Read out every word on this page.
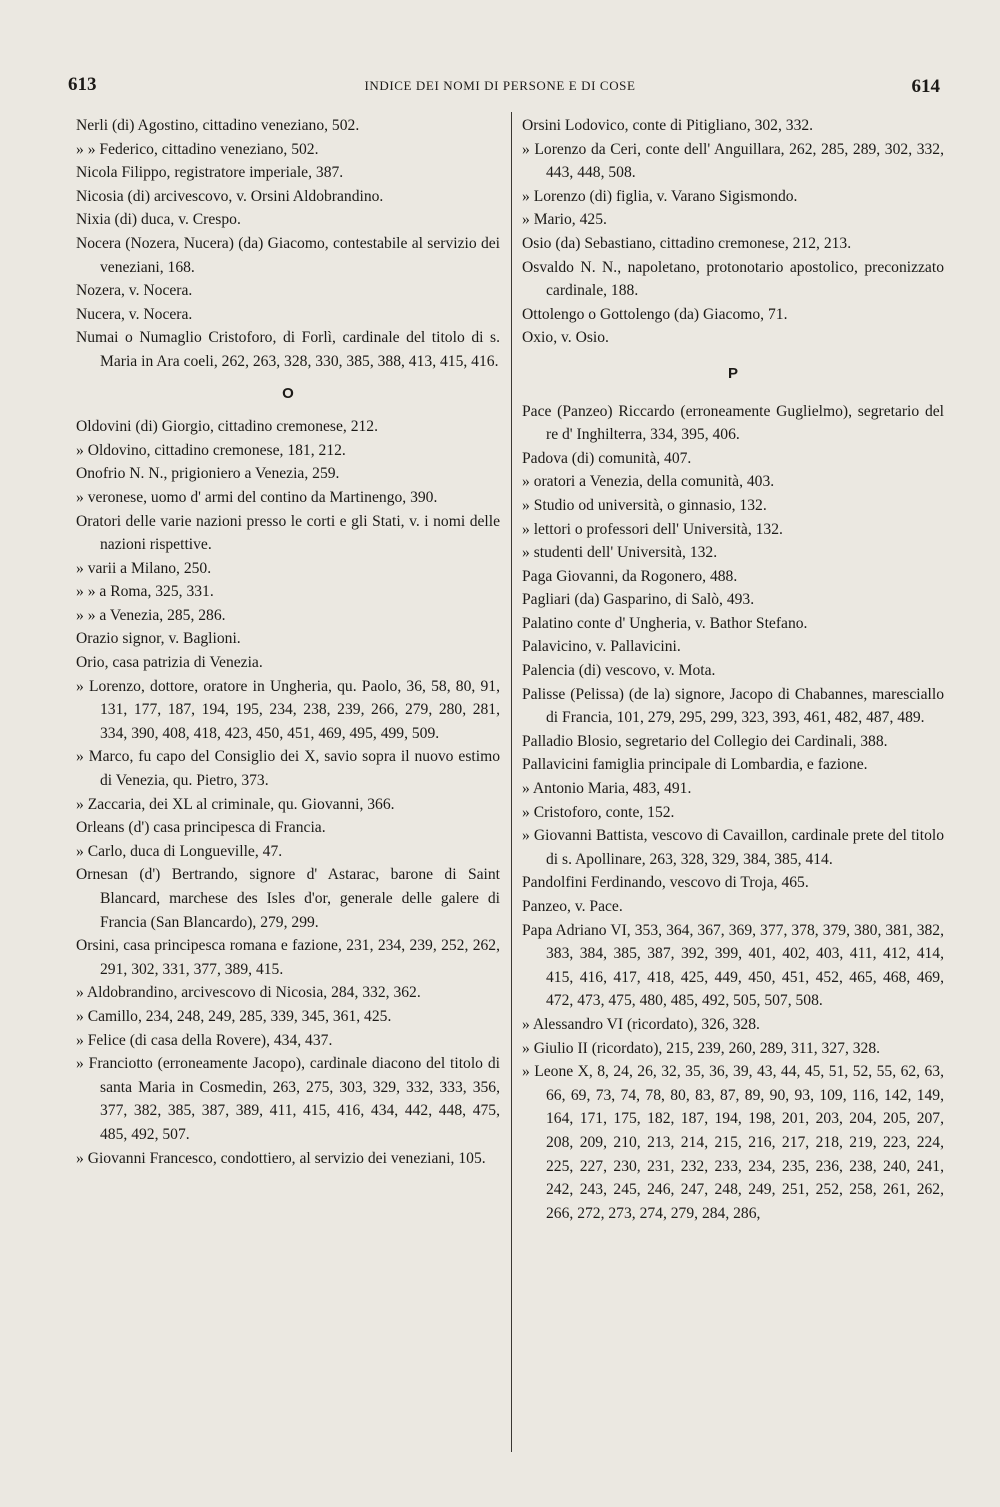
613	INDICE DEI NOMI DI PERSONE E DI COSE	614

Nerli (di) Agostino, cittadino veneziano, 502.

» » Federico, cittadino veneziano, 502.

Nicola Filippo, registratore imperiale, 387.

Nicosia (di) arcivescovo, v. Orsini Aldobrandino.

Nixia (di) duca, v. Crespo.

Nocera (Nozera, Nucera) (da) Giacomo, contestabile al servizio dei veneziani, 168.

Nozera, v. Nocera.

Nucera, v. Nocera.

Numai o Numaglio Cristoforo, di Forlì, cardinale del titolo di s. Maria in Ara coeli, 262, 263, 328, 330, 385, 388, 413, 415, 416.

O

Oldovini (di) Giorgio, cittadino cremonese, 212.

» Oldovino, cittadino cremonese, 181, 212.

Onofrio N. N., prigioniero a Venezia, 259.

» veronese, uomo d' armi del contino da Martinengo, 390.

Oratori delle varie nazioni presso le corti e gli Stati, v. i nomi delle nazioni rispettive.

» varii a Milano, 250.

» » a Roma, 325, 331.

» » a Venezia, 285, 286.

Orazio signor, v. Baglioni.

Orio, casa patrizia di Venezia.

» Lorenzo, dottore, oratore in Ungheria, qu. Paolo, 36, 58, 80, 91, 131, 177, 187, 194, 195, 234, 238, 239, 266, 279, 280, 281, 334, 390, 408, 418, 423, 450, 451, 469, 495, 499, 509.

» Marco, fu capo del Consiglio dei X, savio sopra il nuovo estimo di Venezia, qu. Pietro, 373.

» Zaccaria, dei XL al criminale, qu. Giovanni, 366.

Orleans (d') casa principesca di Francia.

» Carlo, duca di Longueville, 47.

Ornesan (d') Bertrando, signore d' Astarac, barone di Saint Blancard, marchese des Isles d'or, generale delle galere di Francia (San Blancardo), 279, 299.

Orsini, casa principesca romana e fazione, 231, 234, 239, 252, 262, 291, 302, 331, 377, 389, 415.

» Aldobrandino, arcivescovo di Nicosia, 284, 332, 362.

» Camillo, 234, 248, 249, 285, 339, 345, 361, 425.

» Felice (di casa della Rovere), 434, 437.

» Franciotto (erroneamente Jacopo), cardinale diacono del titolo di santa Maria in Cosmedin, 263, 275, 303, 329, 332, 333, 356, 377, 382, 385, 387, 389, 411, 415, 416, 434, 442, 448, 475, 485, 492, 507.

» Giovanni Francesco, condottiero, al servizio dei veneziani, 105.

Orsini Lodovico, conte di Pitigliano, 302, 332.

» Lorenzo da Ceri, conte dell' Anguillara, 262, 285, 289, 302, 332, 443, 448, 508.

» Lorenzo (di) figlia, v. Varano Sigismondo.

» Mario, 425.

Osio (da) Sebastiano, cittadino cremonese, 212, 213.

Osvaldo N. N., napoletano, protonotario apostolico, preconizzato cardinale, 188.

Ottolengo o Gottolengo (da) Giacomo, 71.

Oxio, v. Osio.

P

Pace (Panzeo) Riccardo (erroneamente Guglielmo), segretario del re d' Inghilterra, 334, 395, 406.

Padova (di) comunità, 407.

» oratori a Venezia, della comunità, 403.

» Studio od università, o ginnasio, 132.

» lettori o professori dell' Università, 132.

» studenti dell' Università, 132.

Paga Giovanni, da Rogonero, 488.

Pagliari (da) Gasparino, di Salò, 493.

Palatino conte d' Ungheria, v. Bathor Stefano.

Palavicino, v. Pallavicini.

Palencia (di) vescovo, v. Mota.

Palisse (Pelissa) (de la) signore, Jacopo di Chabannes, maresciallo di Francia, 101, 279, 295, 299, 323, 393, 461, 482, 487, 489.

Palladio Blosio, segretario del Collegio dei Cardinali, 388.

Pallavicini famiglia principale di Lombardia, e fazione.

» Antonio Maria, 483, 491.

» Cristoforo, conte, 152.

» Giovanni Battista, vescovo di Cavaillon, cardinale prete del titolo di s. Apollinare, 263, 328, 329, 384, 385, 414.

Pandolfini Ferdinando, vescovo di Troja, 465.

Panzeo, v. Pace.

Papa Adriano VI, 353, 364, 367, 369, 377, 378, 379, 380, 381, 382, 383, 384, 385, 387, 392, 399, 401, 402, 403, 411, 412, 414, 415, 416, 417, 418, 425, 449, 450, 451, 452, 465, 468, 469, 472, 473, 475, 480, 485, 492, 505, 507, 508.

» Alessandro VI (ricordato), 326, 328.

» Giulio II (ricordato), 215, 239, 260, 289, 311, 327, 328.

» Leone X, 8, 24, 26, 32, 35, 36, 39, 43, 44, 45, 51, 52, 55, 62, 63, 66, 69, 73, 74, 78, 80, 83, 87, 89, 90, 93, 109, 116, 142, 149, 164, 171, 175, 182, 187, 194, 198, 201, 203, 204, 205, 207, 208, 209, 210, 213, 214, 215, 216, 217, 218, 219, 223, 224, 225, 227, 230, 231, 232, 233, 234, 235, 236, 238, 240, 241, 242, 243, 245, 246, 247, 248, 249, 251, 252, 258, 261, 262, 266, 272, 273, 274, 279, 284, 286,
